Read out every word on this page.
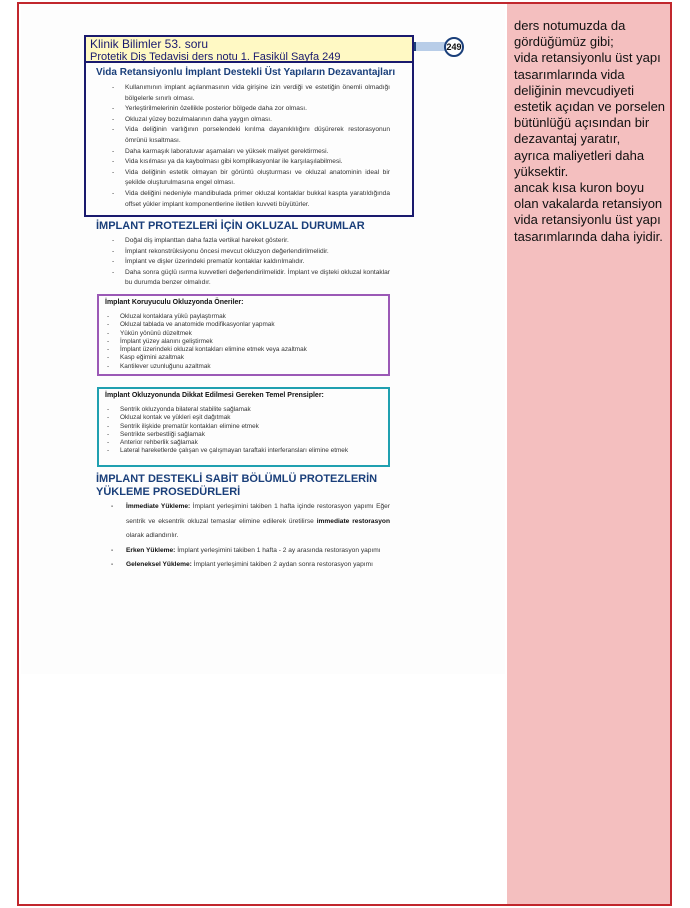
Klinik Bilimler 53. soru
Protetik Diş Tedavisi ders notu 1. Fasikül Sayfa 249
249
Vida Retansiyonlu İmplant Destekli Üst Yapıların Dezavantajları
- Kullanımının implant açılanmasının vida girişine izin verdiği ve estetiğin önemli olmadığı bölgelerle sınırlı olması.
- Yerleştirilmelerinin özellikle posterior bölgede daha zor olması.
- Okluzal yüzey bozulmalarının daha yaygın olması.
- Vida deliğinin varlığının porselendeki kırılma dayanıklılığını düşürerek restorasyonun ömrünü kısaltması.
- Daha karmaşık laboratuvar aşamaları ve yüksek maliyet gerektirmesi.
- Vida kısılması ya da kaybolması gibi komplikasyonlar ile karşılaşılabilmesi.
- Vida deliğinin estetik olmayan bir görüntü oluşturması ve okluzal anatominin ideal bir şekilde oluşturulmasına engel olması.
- Vida deliğini nedeniyle mandibulada primer okluzal kontaklar bukkal kaspta yaratıldığında offset yükler implant komponentlerine iletilen kuvveti büyütürler.
İMPLANT PROTEZLERİ İÇİN OKLUZAL DURUMLAR
- Doğal diş implanttan daha fazla vertikal hareket gösterir.
- İmplant rekonstrüksiyonu öncesi mevcut okluzyon değerlendirilmelidir.
- İmplant ve dişler üzerindeki prematür kontaklar kaldırılmalıdır.
- Daha sonra güçlü ısırma kuvvetleri değerlendirilmelidir. İmplant ve dişteki okluzal kontaklar bu durumda benzer olmalıdır.
İmplant Koruyuculu Okluzyonda Öneriler:
- Okluzal kontaklara yükü paylaştırmak
- Okluzal tablada ve anatomide modifikasyonlar yapmak
- Yükün yönünü düzeltmek
- İmplant yüzey alanını geliştirmek
- İmplant üzerindeki okluzal kontakları elimine etmek veya azaltmak
- Kasp eğimini azaltmak
- Kantilever uzunluğunu azaltmak
İmplant Okluzyonunda Dikkat Edilmesi Gereken Temel Prensipler:
- Sentrik okluzyonda bilateral stabilite sağlamak
- Okluzal kontak ve yükleri eşit dağıtmak
- Sentrik ilişkide prematür kontakları elimine etmek
- Sentrikte serbestliği sağlamak
- Anterior rehberlik sağlamak
- Lateral hareketlerde çalışan ve çalışmayan taraftaki interferansları elimine etmek
İMPLANT DESTEKLİ SABİT BÖLÜMLÜ PROTEZLERİN
YÜKLEME PROSEDÜRLERİ
- İmmediate Yükleme: İmplant yerleşimini takiben 1 hafta içinde restorasyon yapımı Eğer sentrik ve eksentrik okluzal temaslar elimine edilerek üretilirse immediate restorasyon olarak adlandırılır.
- Erken Yükleme: İmplant yerleşimini takiben 1 hafta - 2 ay arasında restorasyon yapımı
- Geleneksel Yükleme: İmplant yerleşimini takiben 2 aydan sonra restorasyon yapımı
ders notumuzda da gördüğümüz gibi;
vida retansiyonlu üst yapı tasarımlarında vida deliğinin mevcudiyeti estetik açıdan ve porselen bütünlüğü açısından bir dezavantaj yaratır,
ayrıca maliyetleri daha yüksektir.
ancak kısa kuron boyu olan vakalarda retansiyon vida retansiyonlu üst yapı tasarımlarında daha iyidir.
